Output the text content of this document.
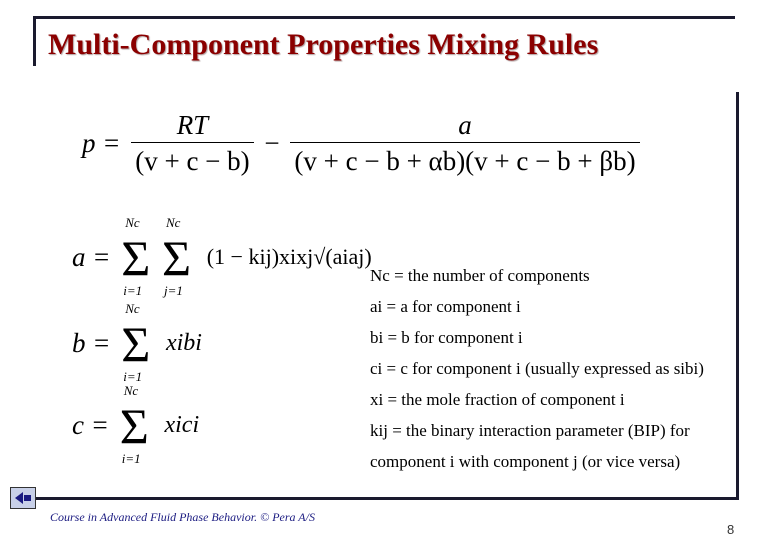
Multi-Component Properties Mixing Rules
$p = \frac{RT}{(v + c - b)} - \frac{a}{(v + c - b + \alpha b)(v + c - b + \beta b)}$
a =
Nc
Σ
i=1

Nc
Σ
j=1
(1 − kij)xixj√(aiaj)
b =
Nc
Σ
i=1
xibi
c =
Nc
Σ
i=1
xici
Nc = the number of components
ai = a for component i
bi = b for component i
ci = c for component i (usually expressed as sibi)
xi = the mole fraction of component i
kij = the binary interaction parameter (BIP) for
component i with component j (or vice versa)
Course in Advanced Fluid Phase Behavior. © Pera A/S
8
